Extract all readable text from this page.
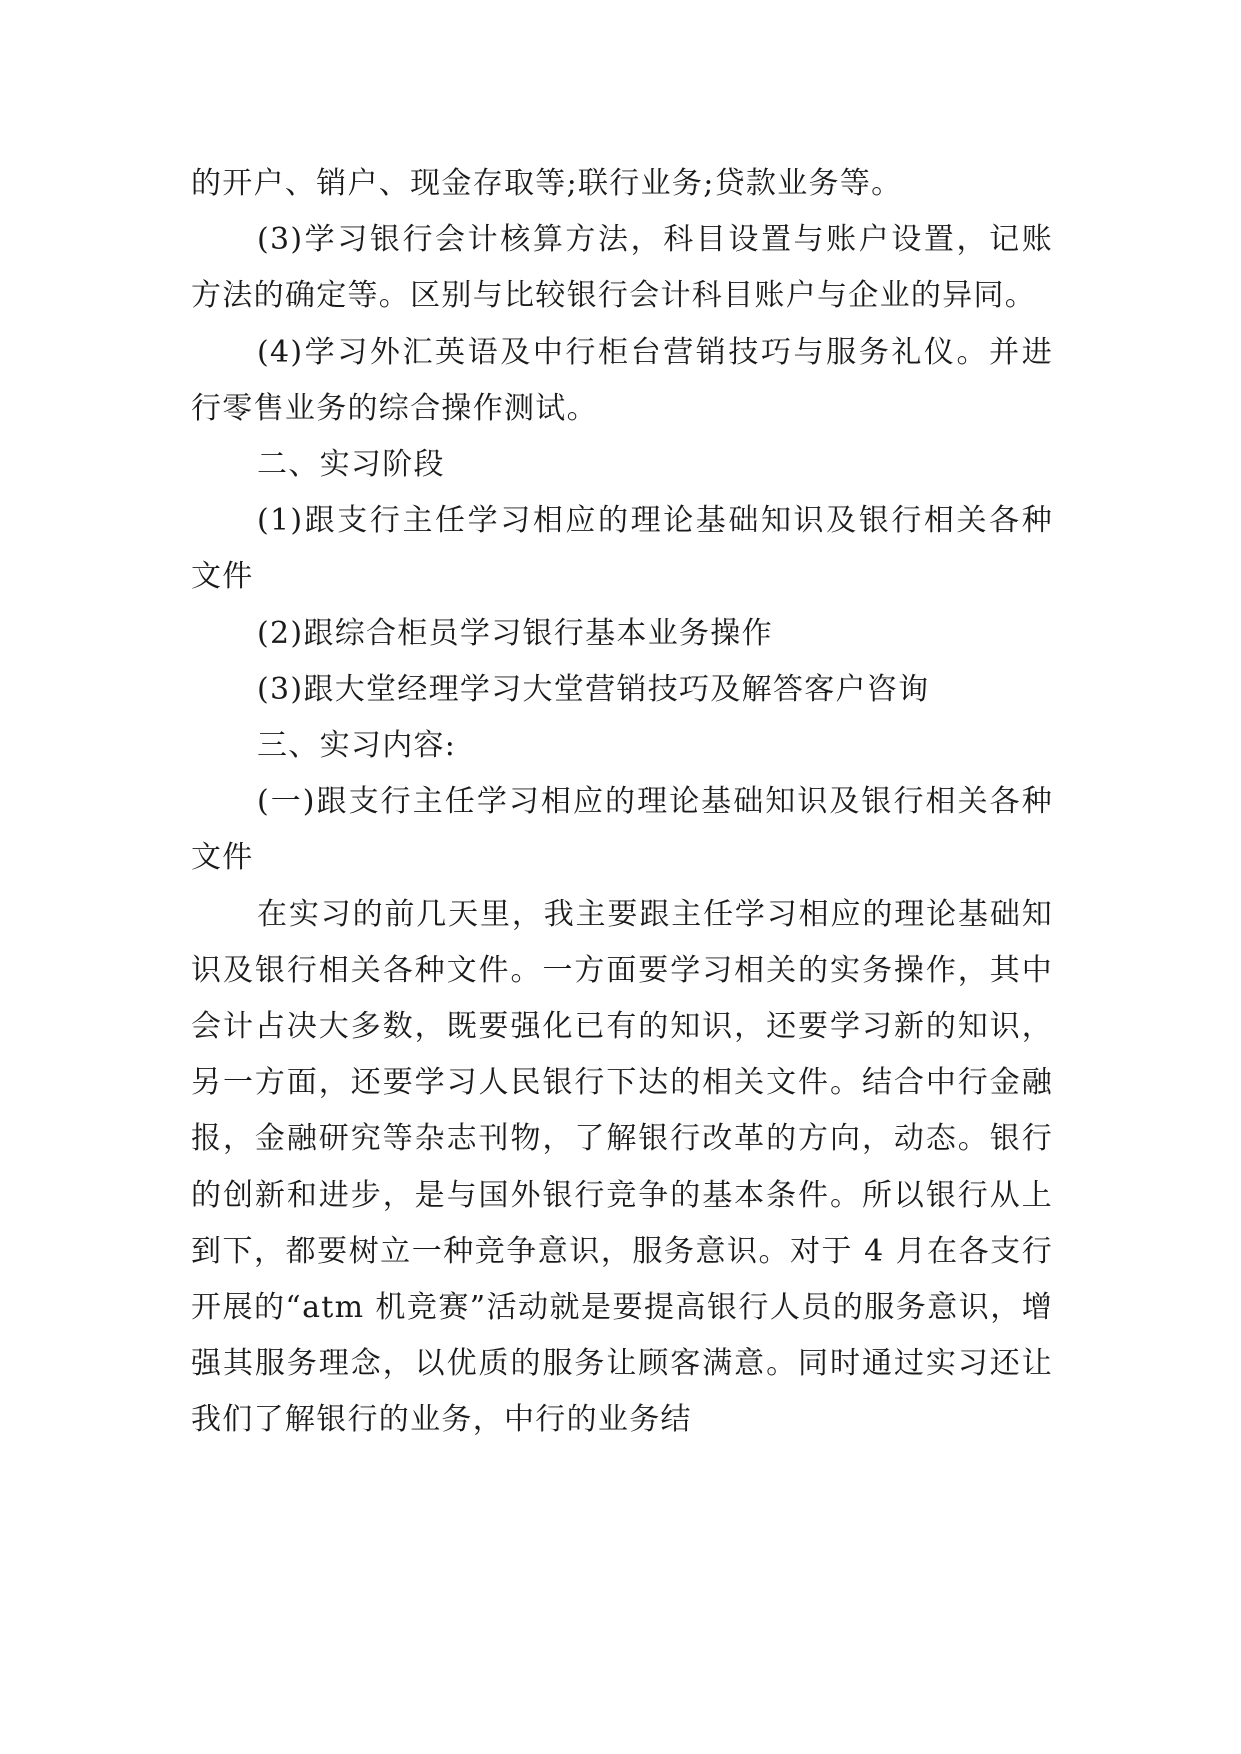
的开户、销户、现金存取等;联行业务;贷款业务等。

(3)学习银行会计核算方法，科目设置与账户设置，记账方法的确定等。区别与比较银行会计科目账户与企业的异同。

(4)学习外汇英语及中行柜台营销技巧与服务礼仪。并进行零售业务的综合操作测试。

二、实习阶段

(1)跟支行主任学习相应的理论基础知识及银行相关各种文件

(2)跟综合柜员学习银行基本业务操作

(3)跟大堂经理学习大堂营销技巧及解答客户咨询

三、实习内容:

(一)跟支行主任学习相应的理论基础知识及银行相关各种文件

在实习的前几天里，我主要跟主任学习相应的理论基础知识及银行相关各种文件。一方面要学习相关的实务操作，其中会计占决大多数，既要强化已有的知识，还要学习新的知识，另一方面，还要学习人民银行下达的相关文件。结合中行金融报，金融研究等杂志刊物，了解银行改革的方向，动态。银行的创新和进步，是与国外银行竞争的基本条件。所以银行从上到下，都要树立一种竞争意识，服务意识。对于 4 月在各支行开展的“atm 机竞赛”活动就是要提高银行人员的服务意识，增强其服务理念，以优质的服务让顾客满意。同时通过实习还让我们了解银行的业务，中行的业务结
